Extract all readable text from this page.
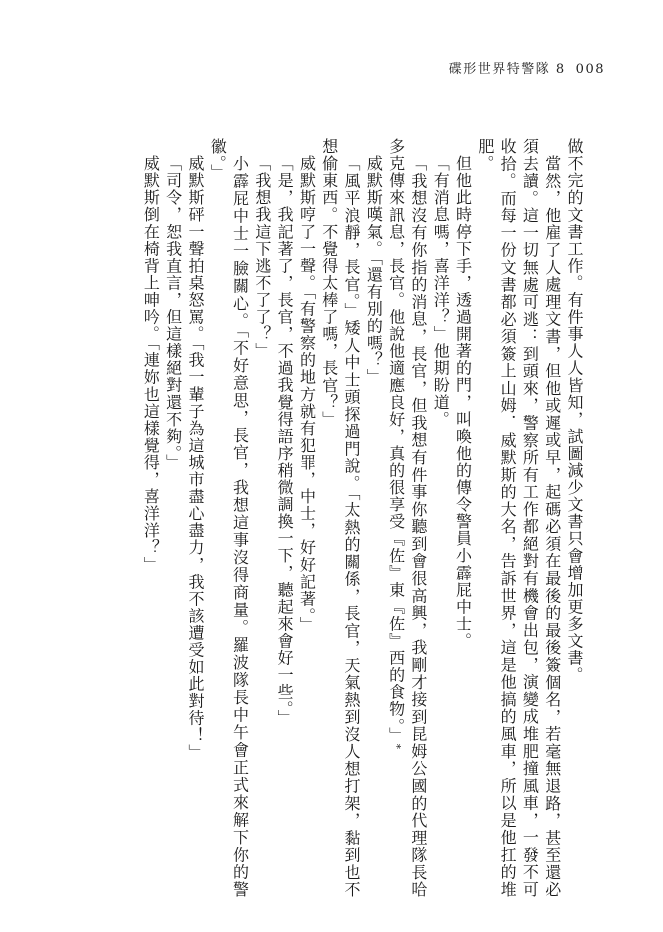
碟形世界特警隊 8 008

做不完的文書工作。有件事人人皆知，試圖減少文書只會增加更多文書。

當然，他雇了人處理文書，但他或遲或早，起碼必須在最後的最後簽個名，若毫無退路，甚至還必須去讀。這一切無處可逃：到頭來，警察所有工作都絕對有機會出包，演變成堆肥撞風車，一發不可收拾。而每一份文書都必須簽上山姆．威默斯的大名，告訴世界，這是他搞的風車，所以是他扛的堆肥。

但他此時停下手，透過開著的門，叫喚他的傳令警員小霹屁中士。

「有消息嗎，喜洋洋？」他期盼道。

「我想沒有你指的消息，長官，但我想有件事你聽到會很高興，我剛才接到昆姆公國的代理隊長哈多克傳來訊息，長官。他說他適應良好，真的很享受『佐』東『佐』西的食物。」*

威默斯嘆氣。「還有別的嗎？」

「風平浪靜，長官。」矮人中士頭探過門說。「太熱的關係，長官，天氣熱到沒人想打架，黏到也不想偷東西。不覺得太棒了嗎，長官？」

威默斯哼了一聲。「有警察的地方就有犯罪，中士，好好記著。」

「是，我記著了，長官，不過我覺得語序稍微調換一下，聽起來會好一些。」

「我想我這下逃不了了？」

小霹屁中士一臉關心。「不好意思，長官，我想這事沒得商量。羅波隊長中午會正式來解下你的警徽。」

威默斯砰一聲拍桌怒罵。「我一輩子為這城市盡心盡力，我不該遭受如此對待！」

「司令，恕我直言，但這樣絕對還不夠。」

威默斯倒在椅背上呻吟。「連妳也這樣覺得，喜洋洋？」
